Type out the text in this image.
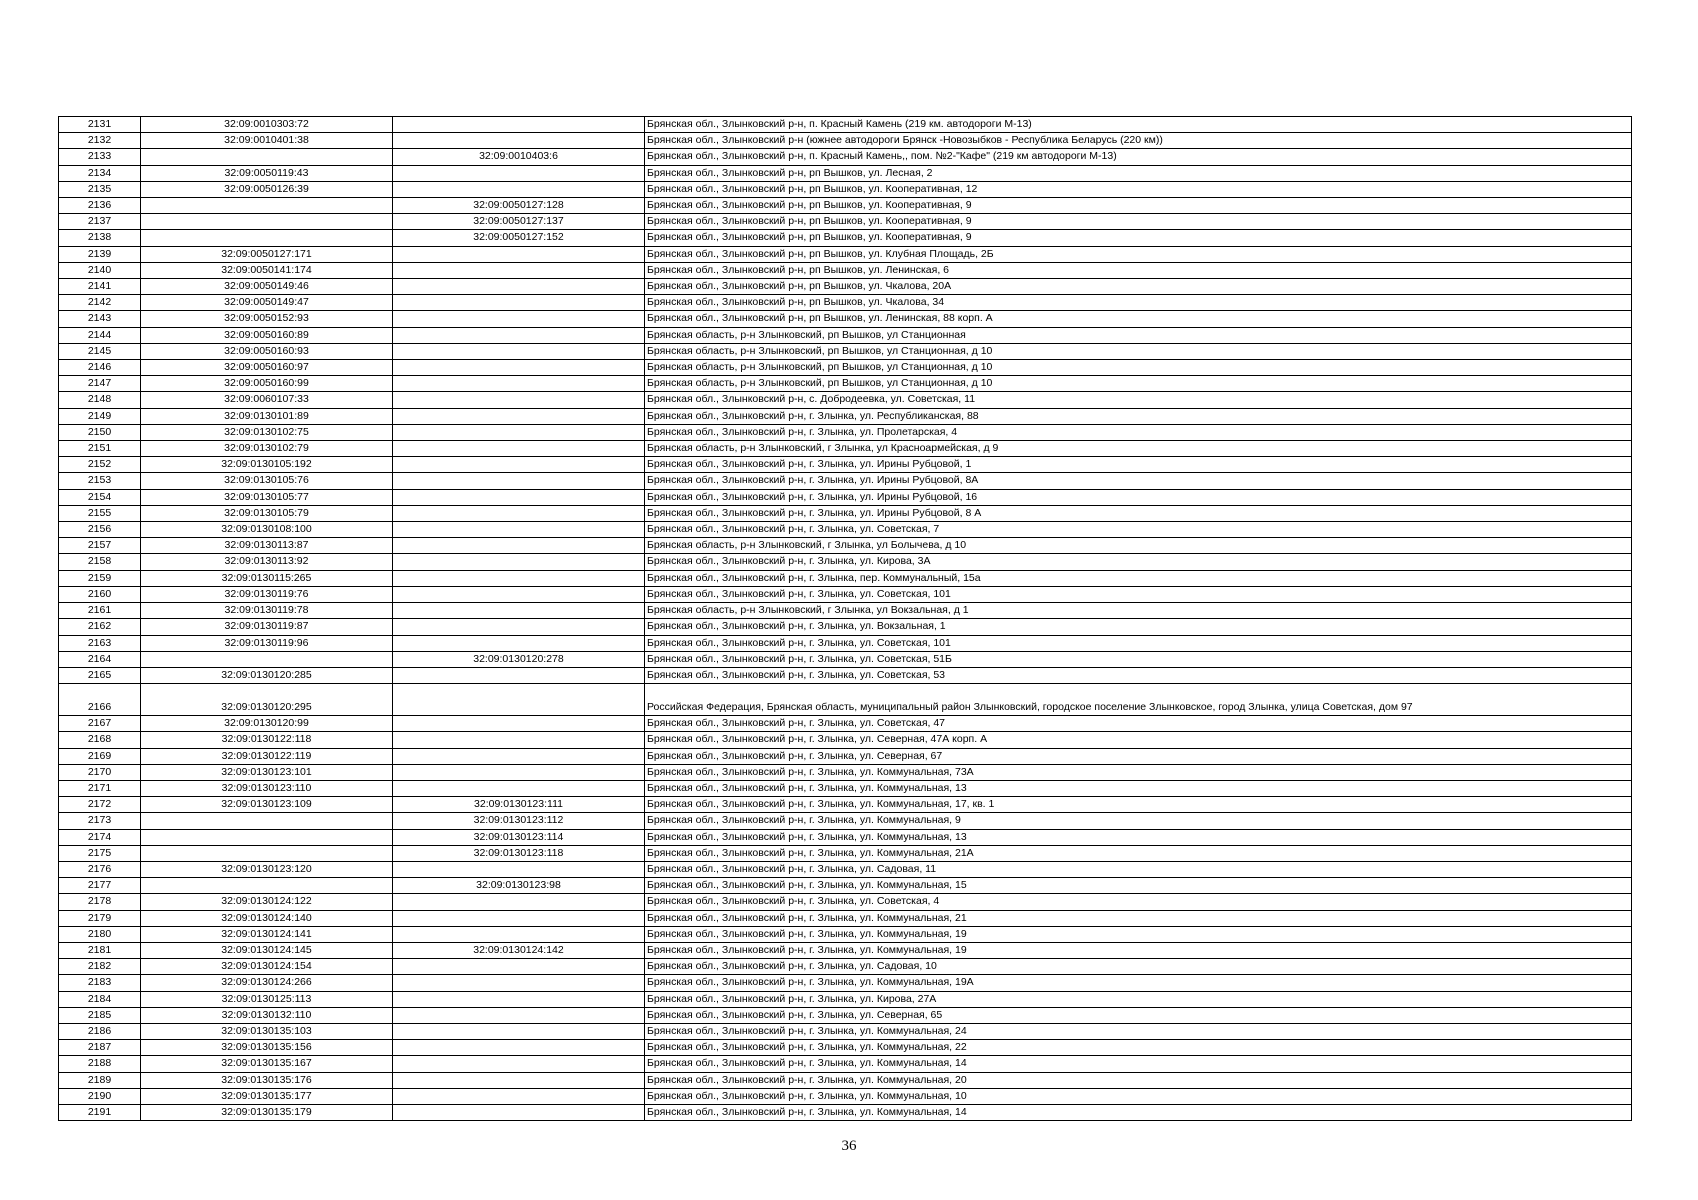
2131	32:09:0010303:72		Брянская обл., Злынковский р-н, п. Красный Камень (219 км. автодороги М-13)
2132	32:09:0010401:38		Брянская обл., Злынковский р-н (южнее автодороги Брянск -Новозыбков - Республика Беларусь (220 км))
2133		32:09:0010403:6	Брянская обл., Злынковский р-н, п. Красный Камень,, пом. №2-"Кафе" (219 км автодороги М-13)
2134	32:09:0050119:43		Брянская обл., Злынковский р-н, рп Вышков, ул. Лесная, 2
2135	32:09:0050126:39		Брянская обл., Злынковский р-н, рп Вышков, ул. Кооперативная, 12
2136		32:09:0050127:128	Брянская обл., Злынковский р-н, рп Вышков, ул. Кооперативная, 9
2137		32:09:0050127:137	Брянская обл., Злынковский р-н, рп Вышков, ул. Кооперативная, 9
2138		32:09:0050127:152	Брянская обл., Злынковский р-н, рп Вышков, ул. Кооперативная, 9
2139	32:09:0050127:171		Брянская обл., Злынковский р-н, рп Вышков, ул. Клубная Площадь, 2Б
2140	32:09:0050141:174		Брянская обл., Злынковский р-н, рп Вышков, ул. Ленинская, 6
2141	32:09:0050149:46		Брянская обл., Злынковский р-н, рп Вышков, ул. Чкалова, 20А
2142	32:09:0050149:47		Брянская обл., Злынковский р-н, рп Вышков, ул. Чкалова, 34
2143	32:09:0050152:93		Брянская обл., Злынковский р-н, рп Вышков, ул. Ленинская, 88 корп. А
2144	32:09:0050160:89		Брянская область, р-н Злынковский, рп Вышков, ул Станционная
2145	32:09:0050160:93		Брянская область, р-н Злынковский, рп Вышков, ул Станционная, д 10
2146	32:09:0050160:97		Брянская область, р-н Злынковский, рп Вышков, ул Станционная, д 10
2147	32:09:0050160:99		Брянская область, р-н Злынковский, рп Вышков, ул Станционная, д 10
2148	32:09:0060107:33		Брянская обл., Злынковский р-н, с. Добродеевка, ул. Советская, 11
2149	32:09:0130101:89		Брянская обл., Злынковский р-н, г. Злынка, ул. Республиканская, 88
2150	32:09:0130102:75		Брянская обл., Злынковский р-н, г. Злынка, ул. Пролетарская, 4
2151	32:09:0130102:79		Брянская область, р-н Злынковский, г Злынка, ул Красноармейская, д 9
2152	32:09:0130105:192		Брянская обл., Злынковский р-н, г. Злынка, ул. Ирины Рубцовой, 1
2153	32:09:0130105:76		Брянская обл., Злынковский р-н, г. Злынка, ул. Ирины Рубцовой, 8А
2154	32:09:0130105:77		Брянская обл., Злынковский р-н, г. Злынка, ул. Ирины Рубцовой, 16
2155	32:09:0130105:79		Брянская обл., Злынковский р-н, г. Злынка, ул. Ирины Рубцовой, 8 А
2156	32:09:0130108:100		Брянская обл., Злынковский р-н, г. Злынка, ул. Советская, 7
2157	32:09:0130113:87		Брянская область, р-н Злынковский, г Злынка, ул Болычева, д 10
2158	32:09:0130113:92		Брянская обл., Злынковский р-н, г. Злынка, ул. Кирова, 3А
2159	32:09:0130115:265		Брянская обл., Злынковский р-н, г. Злынка, пер. Коммунальный, 15а
2160	32:09:0130119:76		Брянская обл., Злынковский р-н, г. Злынка, ул. Советская, 101
2161	32:09:0130119:78		Брянская область, р-н Злынковский, г Злынка, ул Вокзальная, д 1
2162	32:09:0130119:87		Брянская обл., Злынковский р-н, г. Злынка, ул. Вокзальная, 1
2163	32:09:0130119:96		Брянская обл., Злынковский р-н, г. Злынка, ул. Советская, 101
2164		32:09:0130120:278	Брянская обл., Злынковский р-н, г. Злынка, ул. Советская, 51Б
2165	32:09:0130120:285		Брянская обл., Злынковский р-н, г. Злынка, ул. Советская, 53
2166	32:09:0130120:295		Российская Федерация, Брянская область, муниципальный район Злынковский, городское поселение Злынковское, город Злынка, улица Советская, дом 97
2167	32:09:0130120:99		Брянская обл., Злынковский р-н, г. Злынка, ул. Советская, 47
2168	32:09:0130122:118		Брянская обл., Злынковский р-н, г. Злынка, ул. Северная, 47А корп. А
2169	32:09:0130122:119		Брянская обл., Злынковский р-н, г. Злынка, ул. Северная, 67
2170	32:09:0130123:101		Брянская обл., Злынковский р-н, г. Злынка, ул. Коммунальная, 73А
2171	32:09:0130123:110		Брянская обл., Злынковский р-н, г. Злынка, ул. Коммунальная, 13
2172	32:09:0130123:109	32:09:0130123:111	Брянская обл., Злынковский р-н, г. Злынка, ул. Коммунальная, 17, кв. 1
2173		32:09:0130123:112	Брянская обл., Злынковский р-н, г. Злынка, ул. Коммунальная, 9
2174		32:09:0130123:114	Брянская обл., Злынковский р-н, г. Злынка, ул. Коммунальная, 13
2175		32:09:0130123:118	Брянская обл., Злынковский р-н, г. Злынка, ул. Коммунальная, 21А
2176	32:09:0130123:120		Брянская обл., Злынковский р-н, г. Злынка, ул. Садовая, 11
2177		32:09:0130123:98	Брянская обл., Злынковский р-н, г. Злынка, ул. Коммунальная, 15
2178	32:09:0130124:122		Брянская обл., Злынковский р-н, г. Злынка, ул. Советская, 4
2179	32:09:0130124:140		Брянская обл., Злынковский р-н, г. Злынка, ул. Коммунальная, 21
2180	32:09:0130124:141		Брянская обл., Злынковский р-н, г. Злынка, ул. Коммунальная, 19
2181	32:09:0130124:145	32:09:0130124:142	Брянская обл., Злынковский р-н, г. Злынка, ул. Коммунальная, 19
2182	32:09:0130124:154		Брянская обл., Злынковский р-н, г. Злынка, ул. Садовая, 10
2183	32:09:0130124:266		Брянская обл., Злынковский р-н, г. Злынка, ул. Коммунальная, 19А
2184	32:09:0130125:113		Брянская обл., Злынковский р-н, г. Злынка, ул. Кирова, 27А
2185	32:09:0130132:110		Брянская обл., Злынковский р-н, г. Злынка, ул. Северная, 65
2186	32:09:0130135:103		Брянская обл., Злынковский р-н, г. Злынка, ул. Коммунальная, 24
2187	32:09:0130135:156		Брянская обл., Злынковский р-н, г. Злынка, ул. Коммунальная, 22
2188	32:09:0130135:167		Брянская обл., Злынковский р-н, г. Злынка, ул. Коммунальная, 14
2189	32:09:0130135:176		Брянская обл., Злынковский р-н, г. Злынка, ул. Коммунальная, 20
2190	32:09:0130135:177		Брянская обл., Злынковский р-н, г. Злынка, ул. Коммунальная, 10
2191	32:09:0130135:179		Брянская обл., Злынковский р-н, г. Злынка, ул. Коммунальная, 14
36
